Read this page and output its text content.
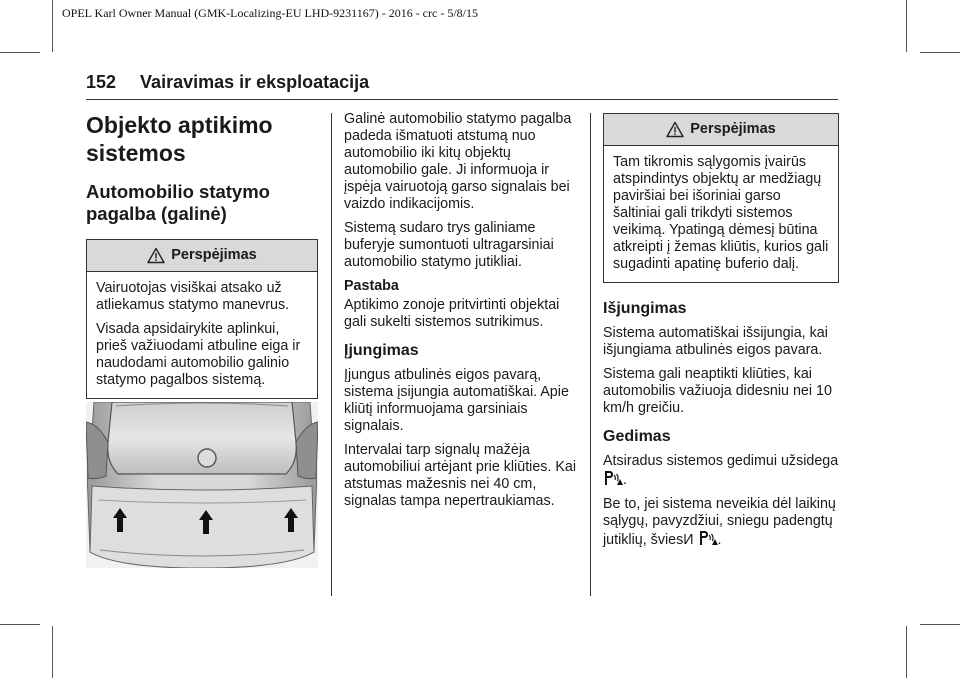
OPEL Karl Owner Manual (GMK-Localizing-EU LHD-9231167) - 2016 - crc - 5/8/15
152 Vairavimas ir eksploatacija
Objekto aptikimo sistemos
Automobilio statymo pagalba (galinė)
Perspėjimas

Vairuotojas visiškai atsako už atliekamus statymo manevrus.

Visada apsidairykite aplinkui, prieš važiuodami atbuline eiga ir naudodami automobilio galinio statymo pagalbos sistemą.

Galinė automobilio statymo pagalba padeda išmatuoti atstumą nuo automobilio iki kitų objektų automobilio gale. Ji informuoja ir įspėja vairuotoją garso signalais bei vaizdo indikacijomis.

Sistemą sudaro trys galiniame buferyje sumontuoti ultragarsiniai automobilio statymo jutikliai.

Pastaba

Aptikimo zonoje pritvirtinti objektai gali sukelti sistemos sutrikimus.

Įjungimas

Įjungus atbulinės eigos pavarą, sistema įsijungia automatiškai. Apie kliūtį informuojama garsiniais signalais.

Intervalai tarp signalų mažėja automobiliui artėjant prie kliūties. Kai atstumas mažesnis nei 40 cm, signalas tampa nepertraukiamas.

Perspėjimas

Tam tikromis sąlygomis įvairūs atspindintys objektų ar medžiagų paviršiai bei išoriniai garso šaltiniai gali trikdyti sistemos veikimą. Ypatingą dėmesį būtina atkreipti į žemas kliūtis, kurios gali sugadinti apatinę buferio dalį.

Išjungimas

Sistema automatiškai išsijungia, kai išjungiama atbulinės eigos pavara.

Sistema gali neaptikti kliūties, kai automobilis važiuoja didesniu nei 10 km/h greičiu.

Gedimas

Atsiradus sistemos gedimui užsidega .

Be to, jei sistema neveikia dėl laikinų sąlygų, pavyzdžiui, sniegu padengtų jutiklių, šviesИ .
